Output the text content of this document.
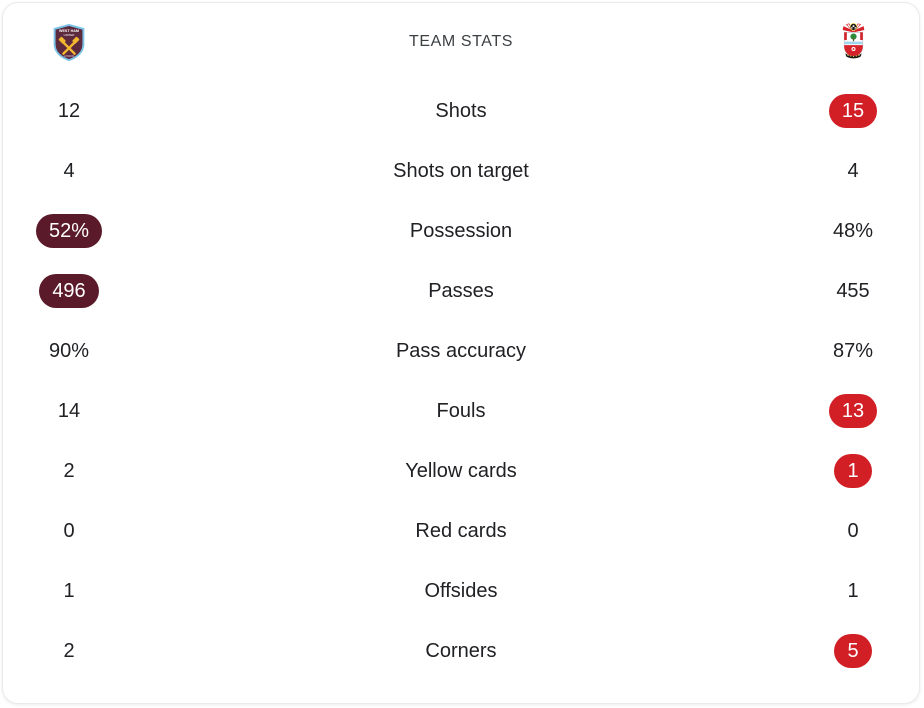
WEST HAM
UNITED
LONDON
TEAM STATS
12	Shots	15
4	Shots on target	4
52%	Possession	48%
496	Passes	455
90%	Pass accuracy	87%
14	Fouls	13
2	Yellow cards	1
0	Red cards	0
1	Offsides	1
2	Corners	5
